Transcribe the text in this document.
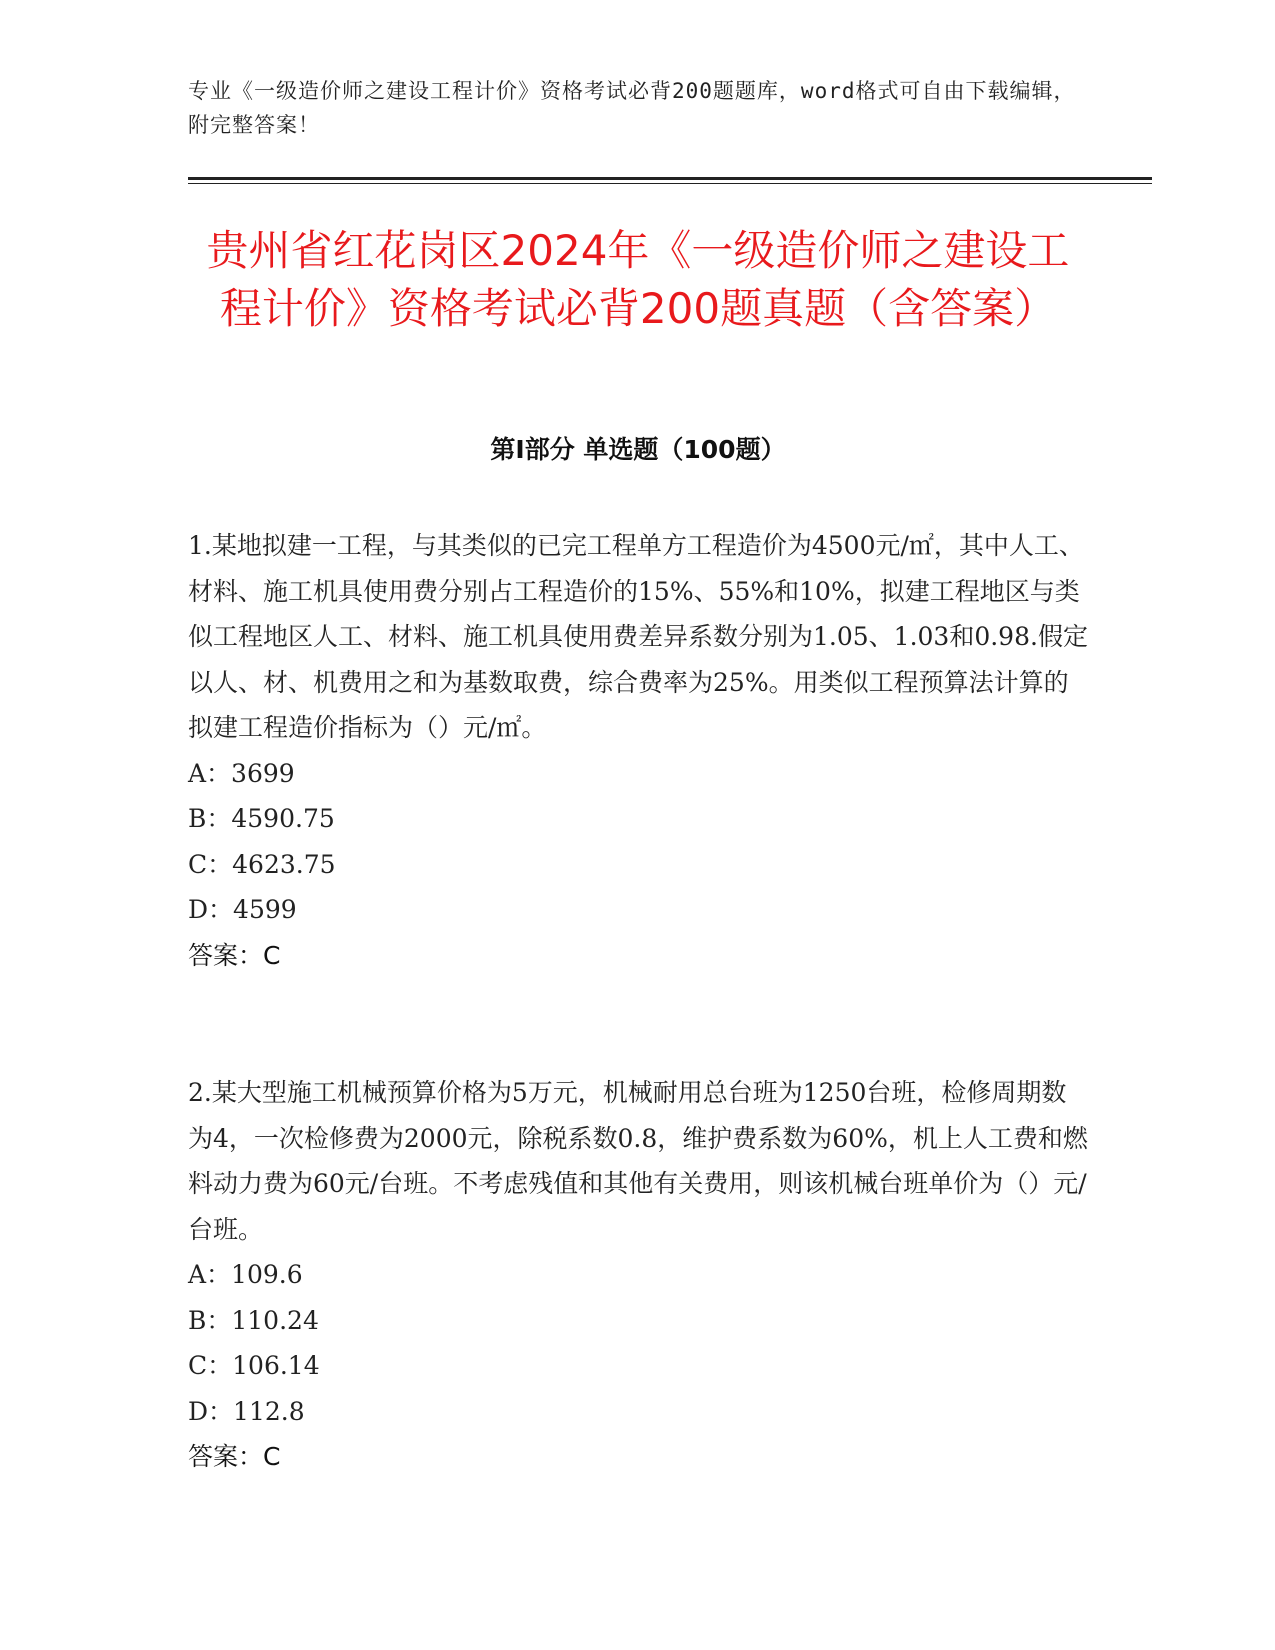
专业《一级造价师之建设工程计价》资格考试必背200题题库，word格式可自由下载编辑，附完整答案！
贵州省红花岗区2024年《一级造价师之建设工程计价》资格考试必背200题真题（含答案）
第Ⅰ部分 单选题（100题）
1.某地拟建一工程，与其类似的已完工程单方工程造价为4500元/㎡，其中人工、材料、施工机具使用费分别占工程造价的15%、55%和10%，拟建工程地区与类似工程地区人工、材料、施工机具使用费差异系数分别为1.05、1.03和0.98.假定以人、材、机费用之和为基数取费，综合费率为25%。用类似工程预算法计算的拟建工程造价指标为（）元/㎡。
A：3699
B：4590.75
C：4623.75
D：4599
答案：C
2.某大型施工机械预算价格为5万元，机械耐用总台班为1250台班，检修周期数为4，一次检修费为2000元，除税系数0.8，维护费系数为60%，机上人工费和燃料动力费为60元/台班。不考虑残值和其他有关费用，则该机械台班单价为（）元/台班。
A：109.6
B：110.24
C：106.14
D：112.8
答案：C
